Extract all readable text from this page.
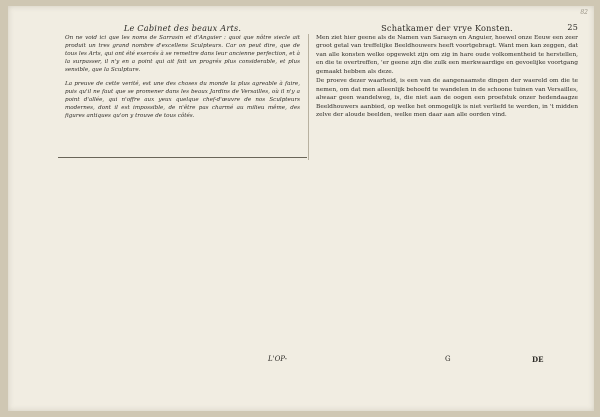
82
Le Cabinet des beaux Arts.

On ne void ici que les noms de Sarrasin et d'Anguier : quoi que nôtre siecle ait produit un tres grand nombre d'excellens Sculpteurs. Car on peut dire, que de tous les Arts, qui ont été exercés à se remettre dans leur ancienne perfection, et à la surpasser, il n'y en a point qui ait fait un progrés plus considerable, et plus sensible, que la Sculpture.

La preuve de cette verité, est une des choses du monde la plus agreable à faire, puis qu'il ne faut que se promener dans les beaux Jardins de Versailles, où il n'y a point d'allée, qui n'offre aux yeux quelque chef-d'œuvre de nos Sculpteurs modernes, dont il est impossible, de n'être pas charmé au milieu même, des figures antiques qu'on y trouve de tous côtés.

Schatkamer der vrye Konsten.	25

Men ziet hier geene als de Namen van Sarasyn en Anguier, hoewel onze Eeuw een zeer groot getal van treffelijke Beeldhouwers heeft voortgebragt. Want men kan zeggen, dat van alle konsten welke opgewekt zijn om zig in hare oude volkomentheid te herstellen, en die te overtreffen, 'er geene zijn die zulk een merkwaardige en gevoelijke voortgang gemaakt hebben als deze.

De proeve dezer waarheid, is een van de aangenaamste dingen der waereld om die te nemen, om dat men alleenlijk behoefd te wandelen in de schoone tuinen van Versailles, alwaar geen wandelweg, is, die niet aan de oogen een proefstuk onzer hedendaagze Beeldhouwers aanbied, op welke het onmogelijk is niet verliefd te werden, in 't midden zelve der aloude beelden, welke men daar aan alle oorden vind.

L'OP-	G	DE
